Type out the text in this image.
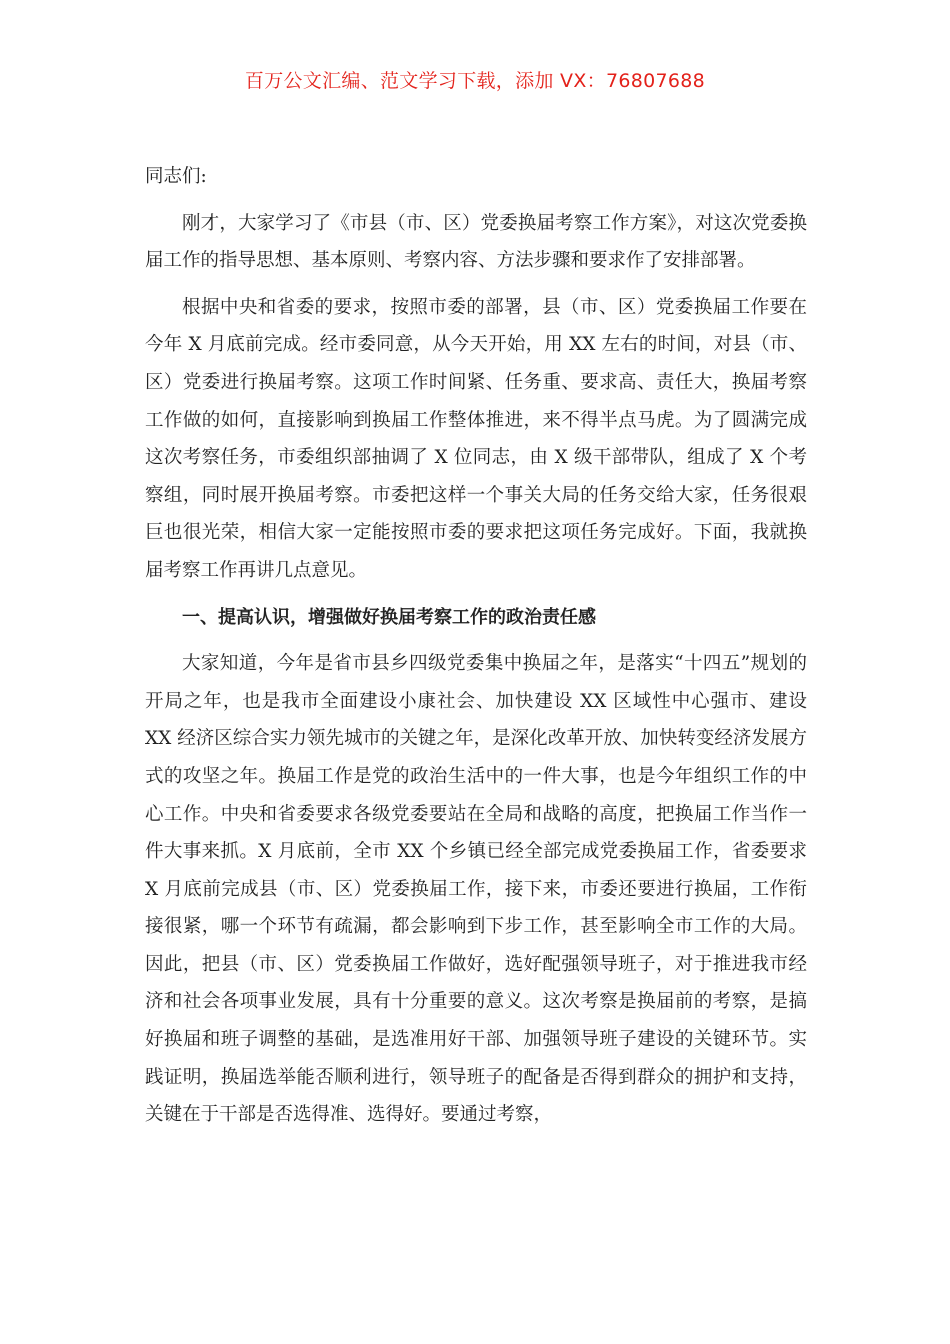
百万公文汇编、范文学习下载，添加 VX：76807688

同志们:

刚才，大家学习了《市县（市、区）党委换届考察工作方案》，对这次党委换届工作的指导思想、基本原则、考察内容、方法步骤和要求作了安排部署。

根据中央和省委的要求，按照市委的部署，县（市、区）党委换届工作要在今年 X 月底前完成。经市委同意，从今天开始，用 XX 左右的时间，对县（市、区）党委进行换届考察。这项工作时间紧、任务重、要求高、责任大，换届考察工作做的如何，直接影响到换届工作整体推进，来不得半点马虎。为了圆满完成这次考察任务，市委组织部抽调了 X 位同志，由 X 级干部带队，组成了 X 个考察组，同时展开换届考察。市委把这样一个事关大局的任务交给大家，任务很艰巨也很光荣，相信大家一定能按照市委的要求把这项任务完成好。下面，我就换届考察工作再讲几点意见。

一、提高认识，增强做好换届考察工作的政治责任感

大家知道，今年是省市县乡四级党委集中换届之年，是落实“十四五”规划的开局之年，也是我市全面建设小康社会、加快建设 XX 区域性中心强市、建设 XX 经济区综合实力领先城市的关键之年，是深化改革开放、加快转变经济发展方式的攻坚之年。换届工作是党的政治生活中的一件大事，也是今年组织工作的中心工作。中央和省委要求各级党委要站在全局和战略的高度，把换届工作当作一件大事来抓。X 月底前，全市 XX 个乡镇已经全部完成党委换届工作，省委要求 X 月底前完成县（市、区）党委换届工作，接下来，市委还要进行换届，工作衔接很紧，哪一个环节有疏漏，都会影响到下步工作，甚至影响全市工作的大局。因此，把县（市、区）党委换届工作做好，选好配强领导班子，对于推进我市经济和社会各项事业发展，具有十分重要的意义。这次考察是换届前的考察，是搞好换届和班子调整的基础，是选准用好干部、加强领导班子建设的关键环节。实践证明，换届选举能否顺利进行，领导班子的配备是否得到群众的拥护和支持，关键在于干部是否选得准、选得好。要通过考察，
